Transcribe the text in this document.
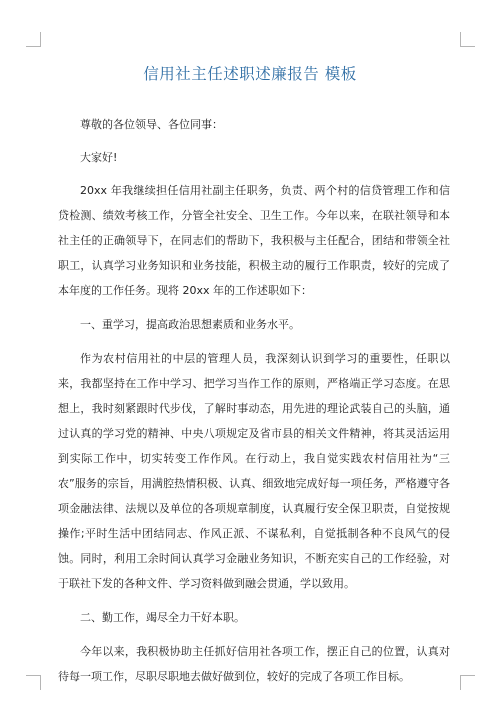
信用社主任述职述廉报告 模板

尊敬的各位领导、各位同事：

大家好!

20xx 年我继续担任信用社副主任职务，负责、两个村的信贷管理工作和信贷检测、绩效考核工作，分管全社安全、卫生工作。今年以来，在联社领导和本社主任的正确领导下，在同志们的帮助下，我积极与主任配合，团结和带领全社职工，认真学习业务知识和业务技能，积极主动的履行工作职责，较好的完成了本年度的工作任务。现将 20xx 年的工作述职如下：

一、重学习，提高政治思想素质和业务水平。

作为农村信用社的中层的管理人员，我深刻认识到学习的重要性，任职以来，我都坚持在工作中学习、把学习当作工作的原则，严格端正学习态度。在思想上，我时刻紧跟时代步伐，了解时事动态，用先进的理论武装自己的头脑，通过认真的学习党的精神、中央八项规定及省市县的相关文件精神，将其灵活运用到实际工作中，切实转变工作作风。在行动上，我自觉实践农村信用社为“三农”服务的宗旨，用满腔热情积极、认真、细致地完成好每一项任务，严格遵守各项金融法律、法规以及单位的各项规章制度，认真履行安全保卫职责，自觉按规操作;平时生活中团结同志、作风正派、不谋私利，自觉抵制各种不良风气的侵蚀。同时，利用工余时间认真学习金融业务知识，不断充实自己的工作经验，对于联社下发的各种文件、学习资料做到融会贯通，学以致用。

二、勤工作，竭尽全力干好本职。

今年以来，我积极协助主任抓好信用社各项工作，摆正自己的位置，认真对待每一项工作，尽职尽职地去做好做到位，较好的完成了各项工作目标。
